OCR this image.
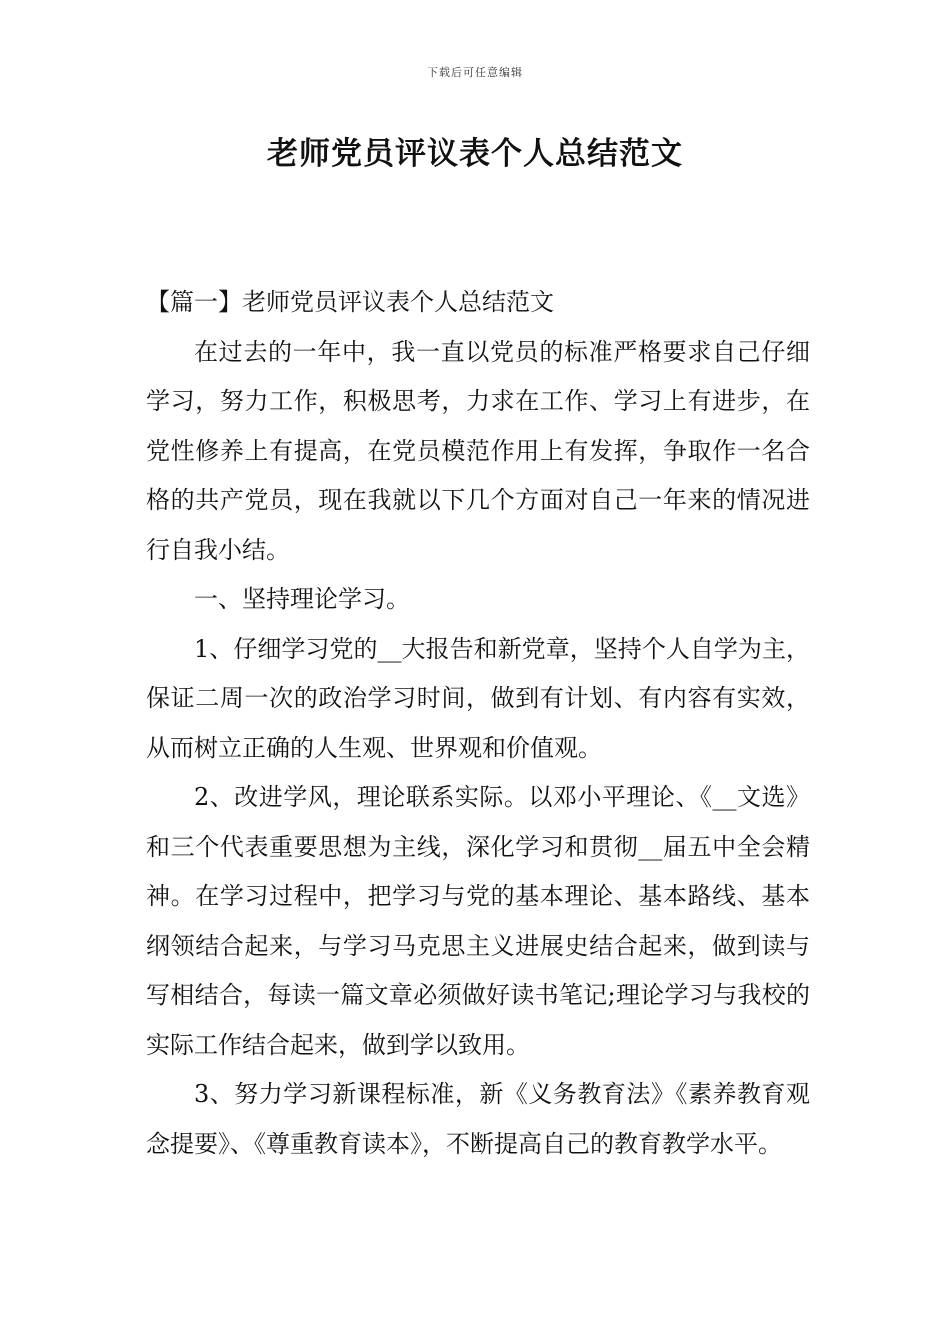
下载后可任意编辑
老师党员评议表个人总结范文
【篇一】老师党员评议表个人总结范文

在过去的一年中，我一直以党员的标准严格要求自己仔细学习，努力工作，积极思考，力求在工作、学习上有进步，在党性修养上有提高，在党员模范作用上有发挥，争取作一名合格的共产党员，现在我就以下几个方面对自己一年来的情况进行自我小结。

一、坚持理论学习。

1、仔细学习党的__大报告和新党章，坚持个人自学为主，保证二周一次的政治学习时间，做到有计划、有内容有实效，从而树立正确的人生观、世界观和价值观。

2、改进学风，理论联系实际。以邓小平理论、《__文选》和三个代表重要思想为主线，深化学习和贯彻__届五中全会精神。在学习过程中，把学习与党的基本理论、基本路线、基本纲领结合起来，与学习马克思主义进展史结合起来，做到读与写相结合，每读一篇文章必须做好读书笔记;理论学习与我校的实际工作结合起来，做到学以致用。

3、努力学习新课程标准，新《义务教育法》《素养教育观念提要》、《尊重教育读本》，不断提高自己的教育教学水平。
